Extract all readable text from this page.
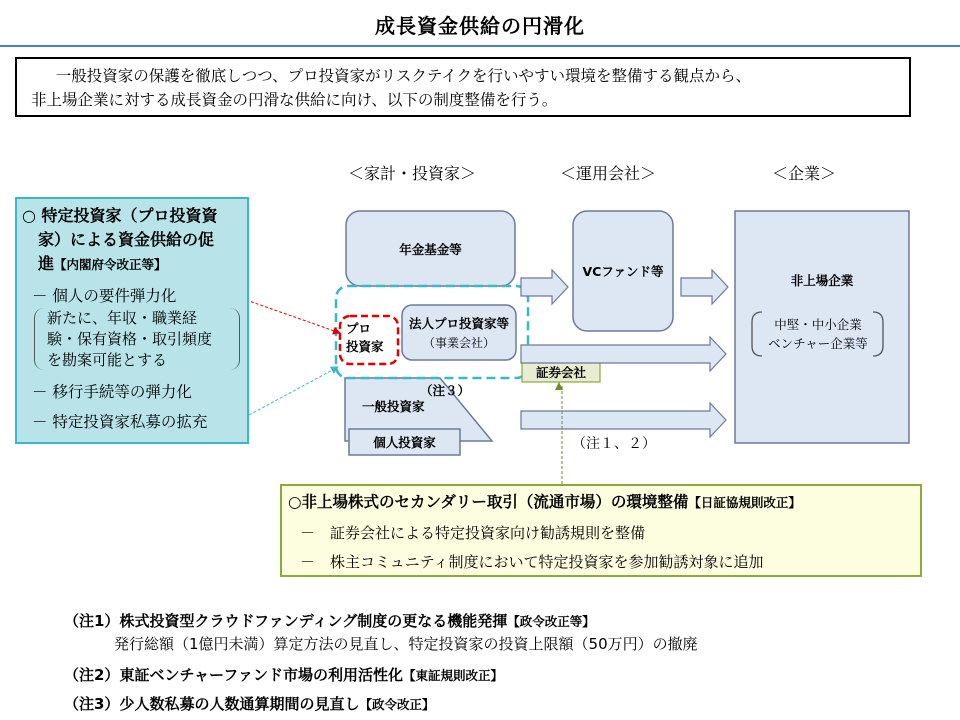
成長資金供給の円滑化

一般投資家の保護を徹底しつつ、プロ投資家がリスクテイクを行いやすい環境を整備する観点から、

非上場企業に対する成長資金の円滑な供給に向け、以下の制度整備を行う。

＜家計・投資家＞	＜運用会社＞	＜企業＞
年金基金等
VCファンド等
非上場企業
中堅・中小企業
ベンチャー企業等
プロ
投資家
法人プロ投資家等
（事業会社）
（注３）
一般投資家
個人投資家
証券会社
（注１、２）
○ 特定投資家（プロ投資資
家）による資金供給の促
進【内閣府令改正等】
－ 個人の要件弾力化
新たに、年収・職業経
験・保有資格・取引頻度
を勘案可能とする
－ 移行手続等の弾力化
－ 特定投資家私募の拡充
○非上場株式のセカンダリー取引（流通市場）の環境整備【日証協規則改正】
－　証券会社による特定投資家向け勧誘規則を整備
－　株主コミュニティ制度において特定投資家を参加勧誘対象に追加
（注1）株式投資型クラウドファンディング制度の更なる機能発揮【政令改正等】
発行総額（1億円未満）算定方法の見直し、特定投資家の投資上限額（50万円）の撤廃
（注2）東証ベンチャーファンド市場の利用活性化【東証規則改正】
（注3）少人数私募の人数通算期間の見直し【政令改正】
